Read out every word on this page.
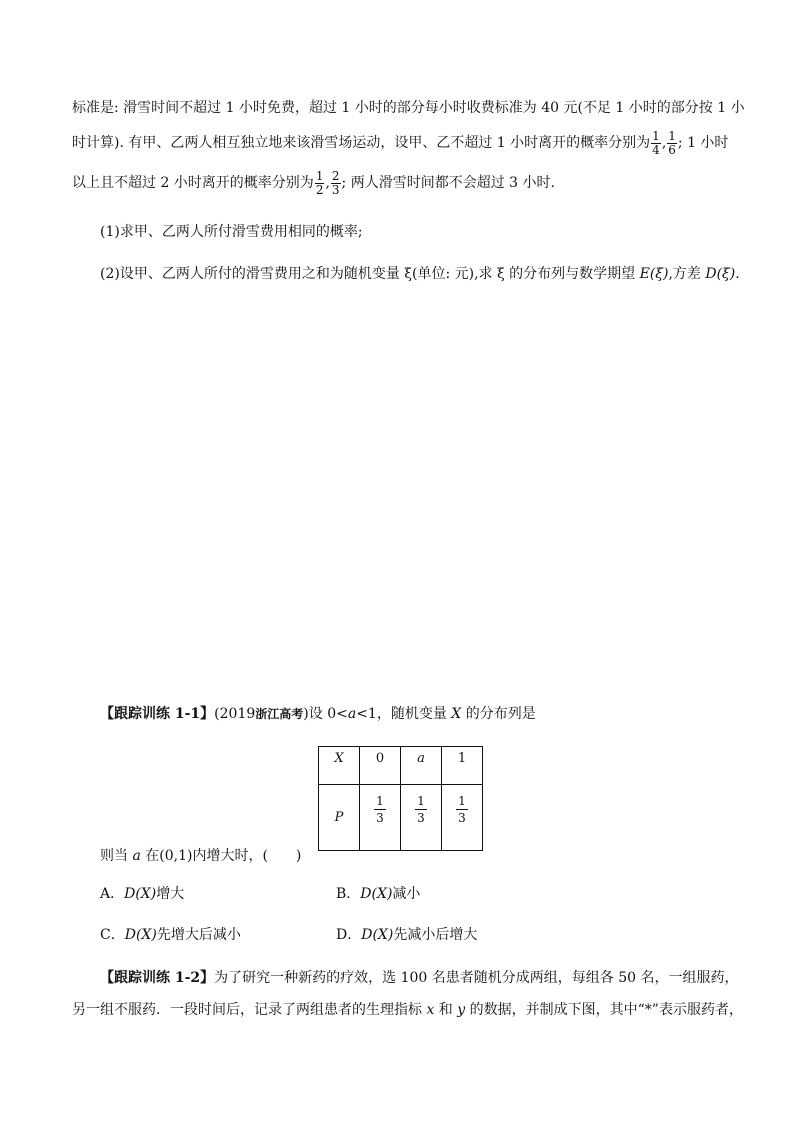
标准是: 滑雪时间不超过 1 小时免费，超过 1 小时的部分每小时收费标准为 40 元(不足 1 小时的部分按 1 小
时计算). 有甲、乙两人相互独立地来该滑雪场运动，设甲、乙不超过 1 小时离开的概率分别为 $\frac{1}{4}$ , $\frac{1}{6}$ ; 1 小时
以上且不超过 2 小时离开的概率分别为 $\frac{1}{2}$ , $\frac{2}{3}$ ; 两人滑雪时间都不会超过 3 小时.
(1)求甲、乙两人所付滑雪费用相同的概率;
(2)设甲、乙两人所付的滑雪费用之和为随机变量 ξ(单位: 元),求 ξ 的分布列与数学期望 E(ξ),方差 D(ξ).
【跟踪训练 1-1】(2019浙江高考)设 0<a<1，随机变量 X 的分布列是
X	0	a	1
P	$\frac{1}{3}$	$\frac{1}{3}$	$\frac{1}{3}$
则当 a 在(0,1)内增大时，(　　)
A．D(X)增大	B．D(X)减小
C．D(X)先增大后减小	D．D(X)先减小后增大
【跟踪训练 1-2】为了研究一种新药的疗效，选 100 名患者随机分成两组，每组各 50 名，一组服药，
另一组不服药．一段时间后，记录了两组患者的生理指标 x 和 y 的数据，并制成下图，其中“*”表示服药者，
